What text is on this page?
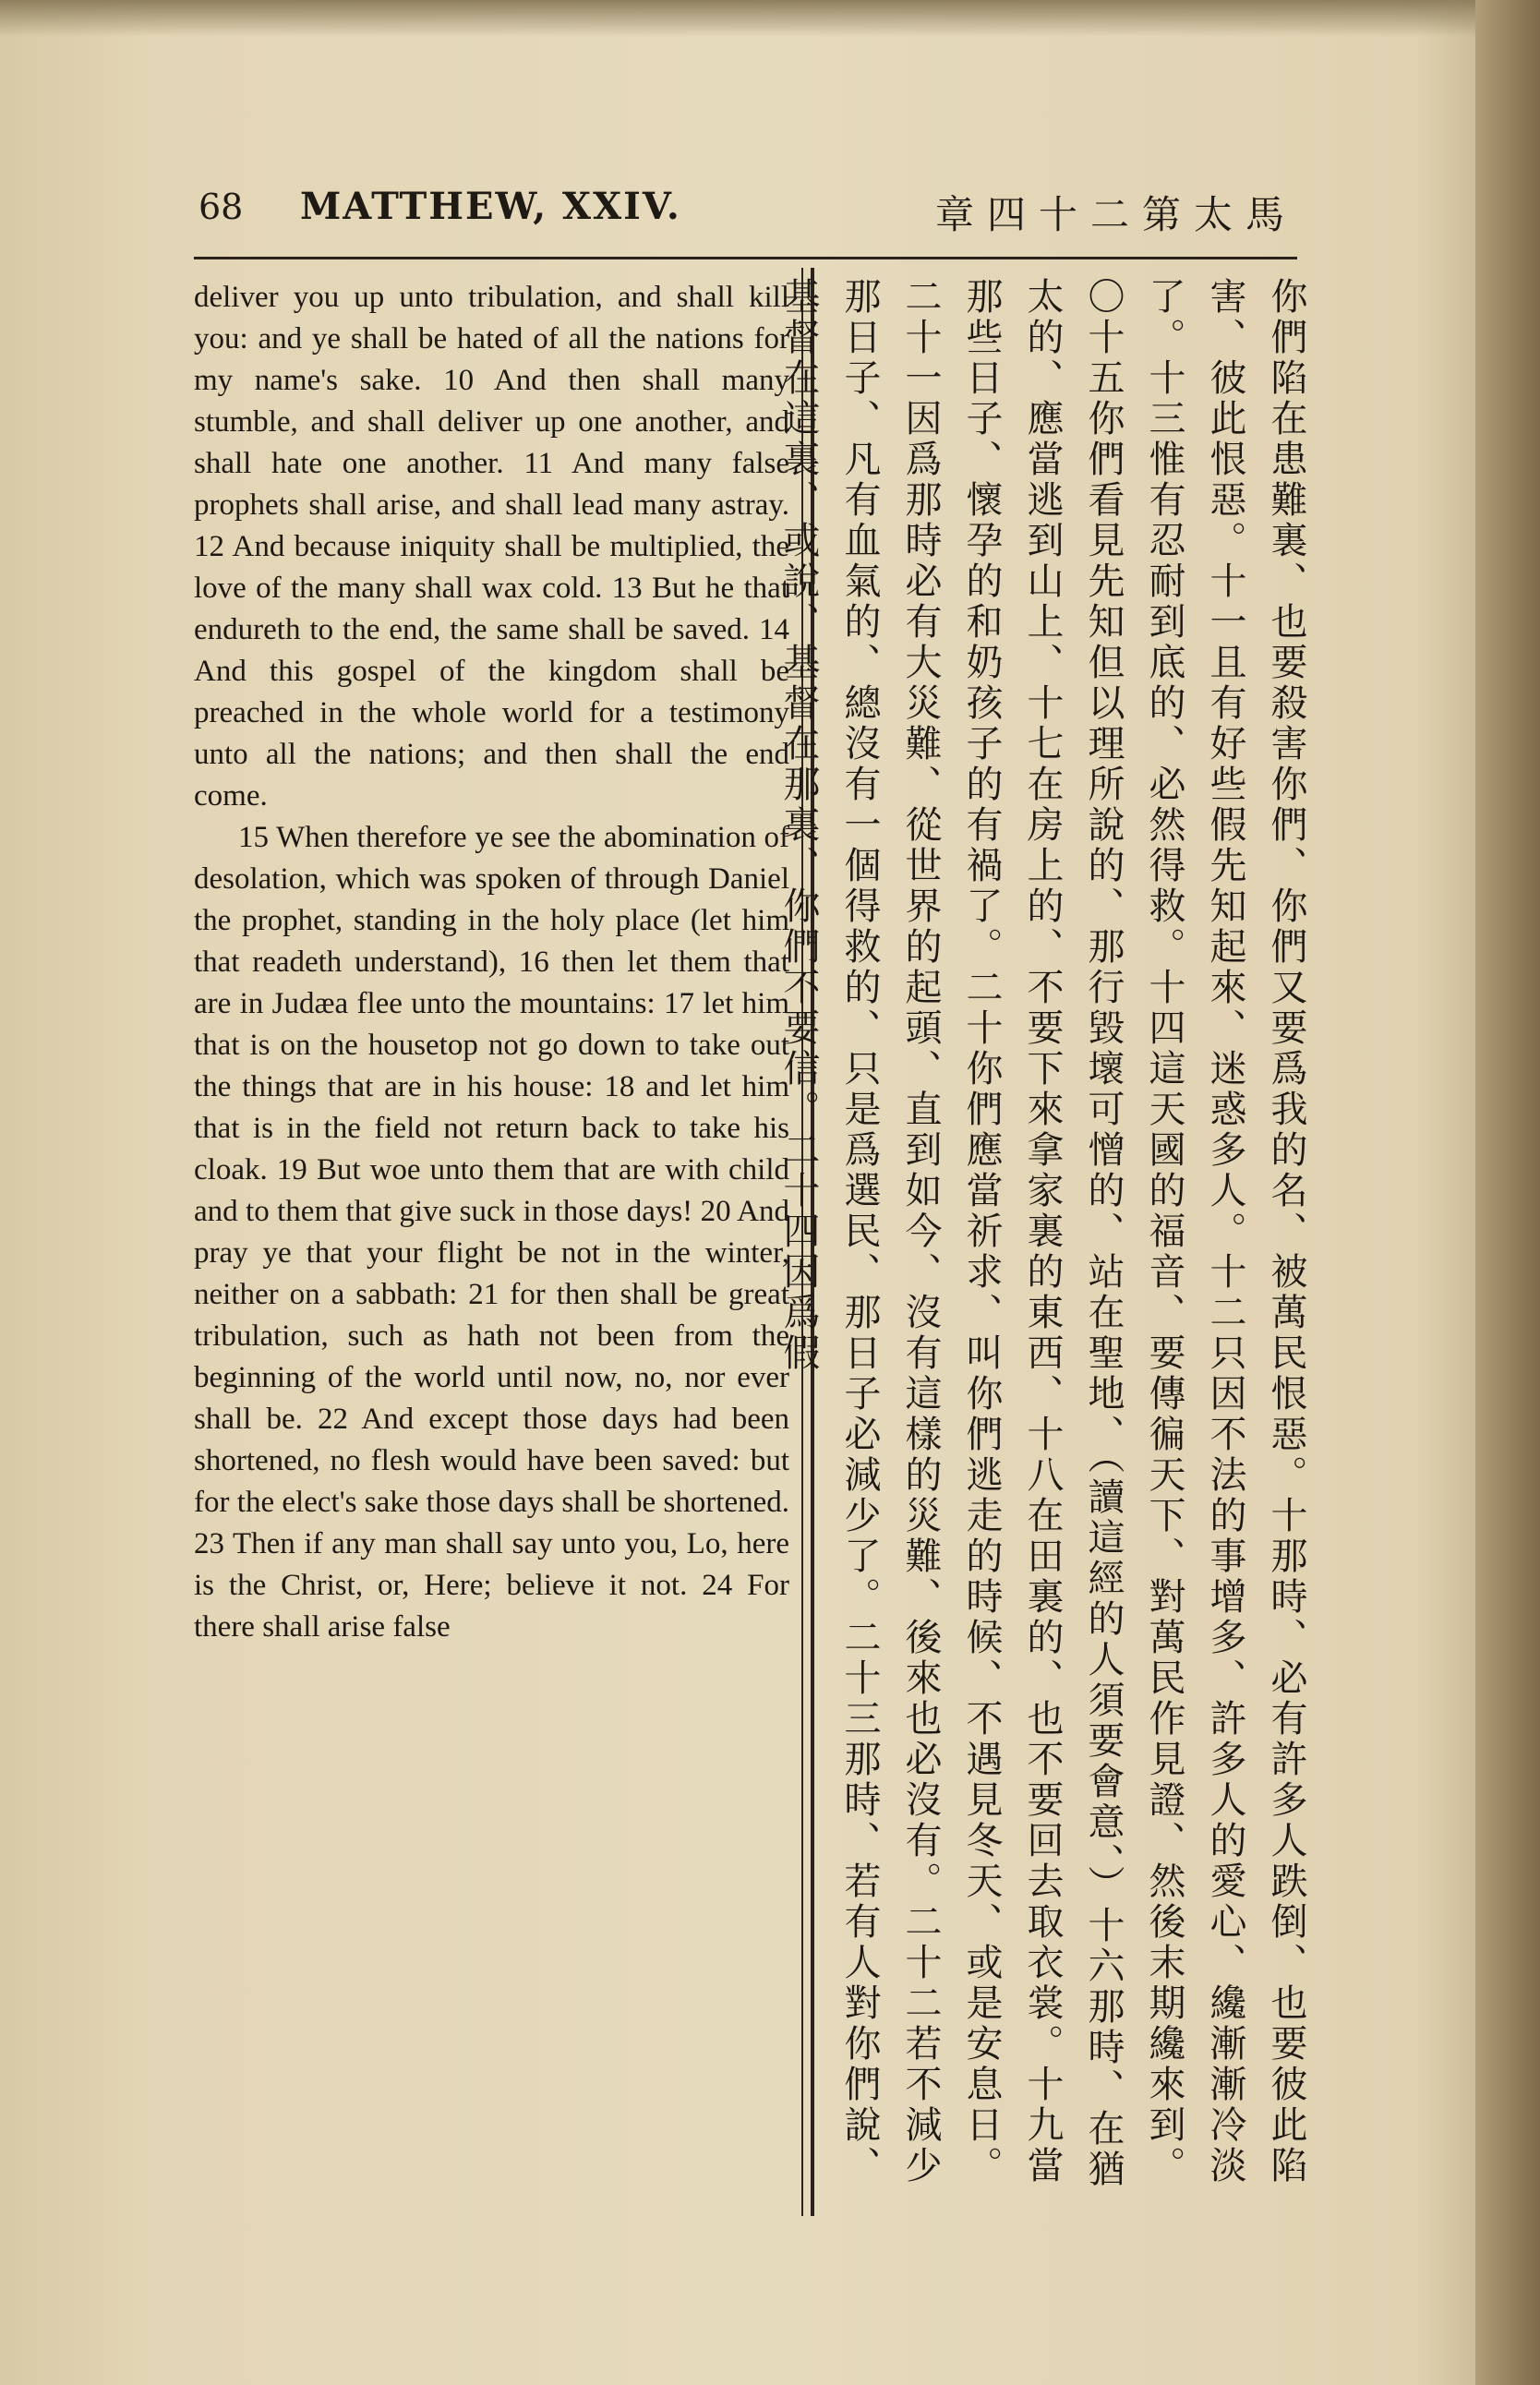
68 MATTHEW, XXIV.	章四十二第太馬

deliver you up unto tribulation, and shall kill you: and ye shall be hated of all the nations for my name's sake. 10 And then shall many stumble, and shall deliver up one another, and shall hate one another. 11 And many false prophets shall arise, and shall lead many astray. 12 And because iniquity shall be multiplied, the love of the many shall wax cold. 13 But he that endureth to the end, the same shall be saved. 14 And this gospel of the kingdom shall be preached in the whole world for a testimony unto all the nations; and then shall the end come.

15 When therefore ye see the abomination of desolation, which was spoken of through Daniel the prophet, standing in the holy place (let him that readeth understand), 16 then let them that are in Judæa flee unto the mountains: 17 let him that is on the housetop not go down to take out the things that are in his house: 18 and let him that is in the field not return back to take his cloak. 19 But woe unto them that are with child and to them that give suck in those days! 20 And pray ye that your flight be not in the winter, neither on a sabbath: 21 for then shall be great tribulation, such as hath not been from the beginning of the world until now, no, nor ever shall be. 22 And except those days had been shortened, no flesh would have been saved: but for the elect's sake those days shall be shortened. 23 Then if any man shall say unto you, Lo, here is the Christ, or, Here; believe it not. 24 For there shall arise false	你們陷在患難裏、也要殺害你們、你們又要爲我的名、被萬民恨惡。十那時、必有許多人跌倒、也要彼此陷害、彼此恨惡。十一且有好些假先知起來、迷惑多人。十二只因不法的事增多、許多人的愛心、纔漸漸冷淡了。十三惟有忍耐到底的、必然得救。十四這天國的福音、要傳徧天下、對萬民作見證、然後末期纔來到。〇十五你們看見先知但以理所說的、那行毀壞可憎的、站在聖地、（讀這經的人須要會意、）十六那時、在猶太的、應當逃到山上、十七在房上的、不要下來拿家裏的東西、十八在田裏的、也不要回去取衣裳。十九當那些日子、懷孕的和奶孩子的有禍了。二十你們應當祈求、叫你們逃走的時候、不遇見冬天、或是安息日。二十一因爲那時必有大災難、從世界的起頭、直到如今、沒有這樣的災難、後來也必沒有。二十二若不減少那日子、凡有血氣的、總沒有一個得救的、只是爲選民、那日子必減少了。二十三那時、若有人對你們說、基督在這裏、或說、基督在那裏、你們不要信。二十四因爲假
